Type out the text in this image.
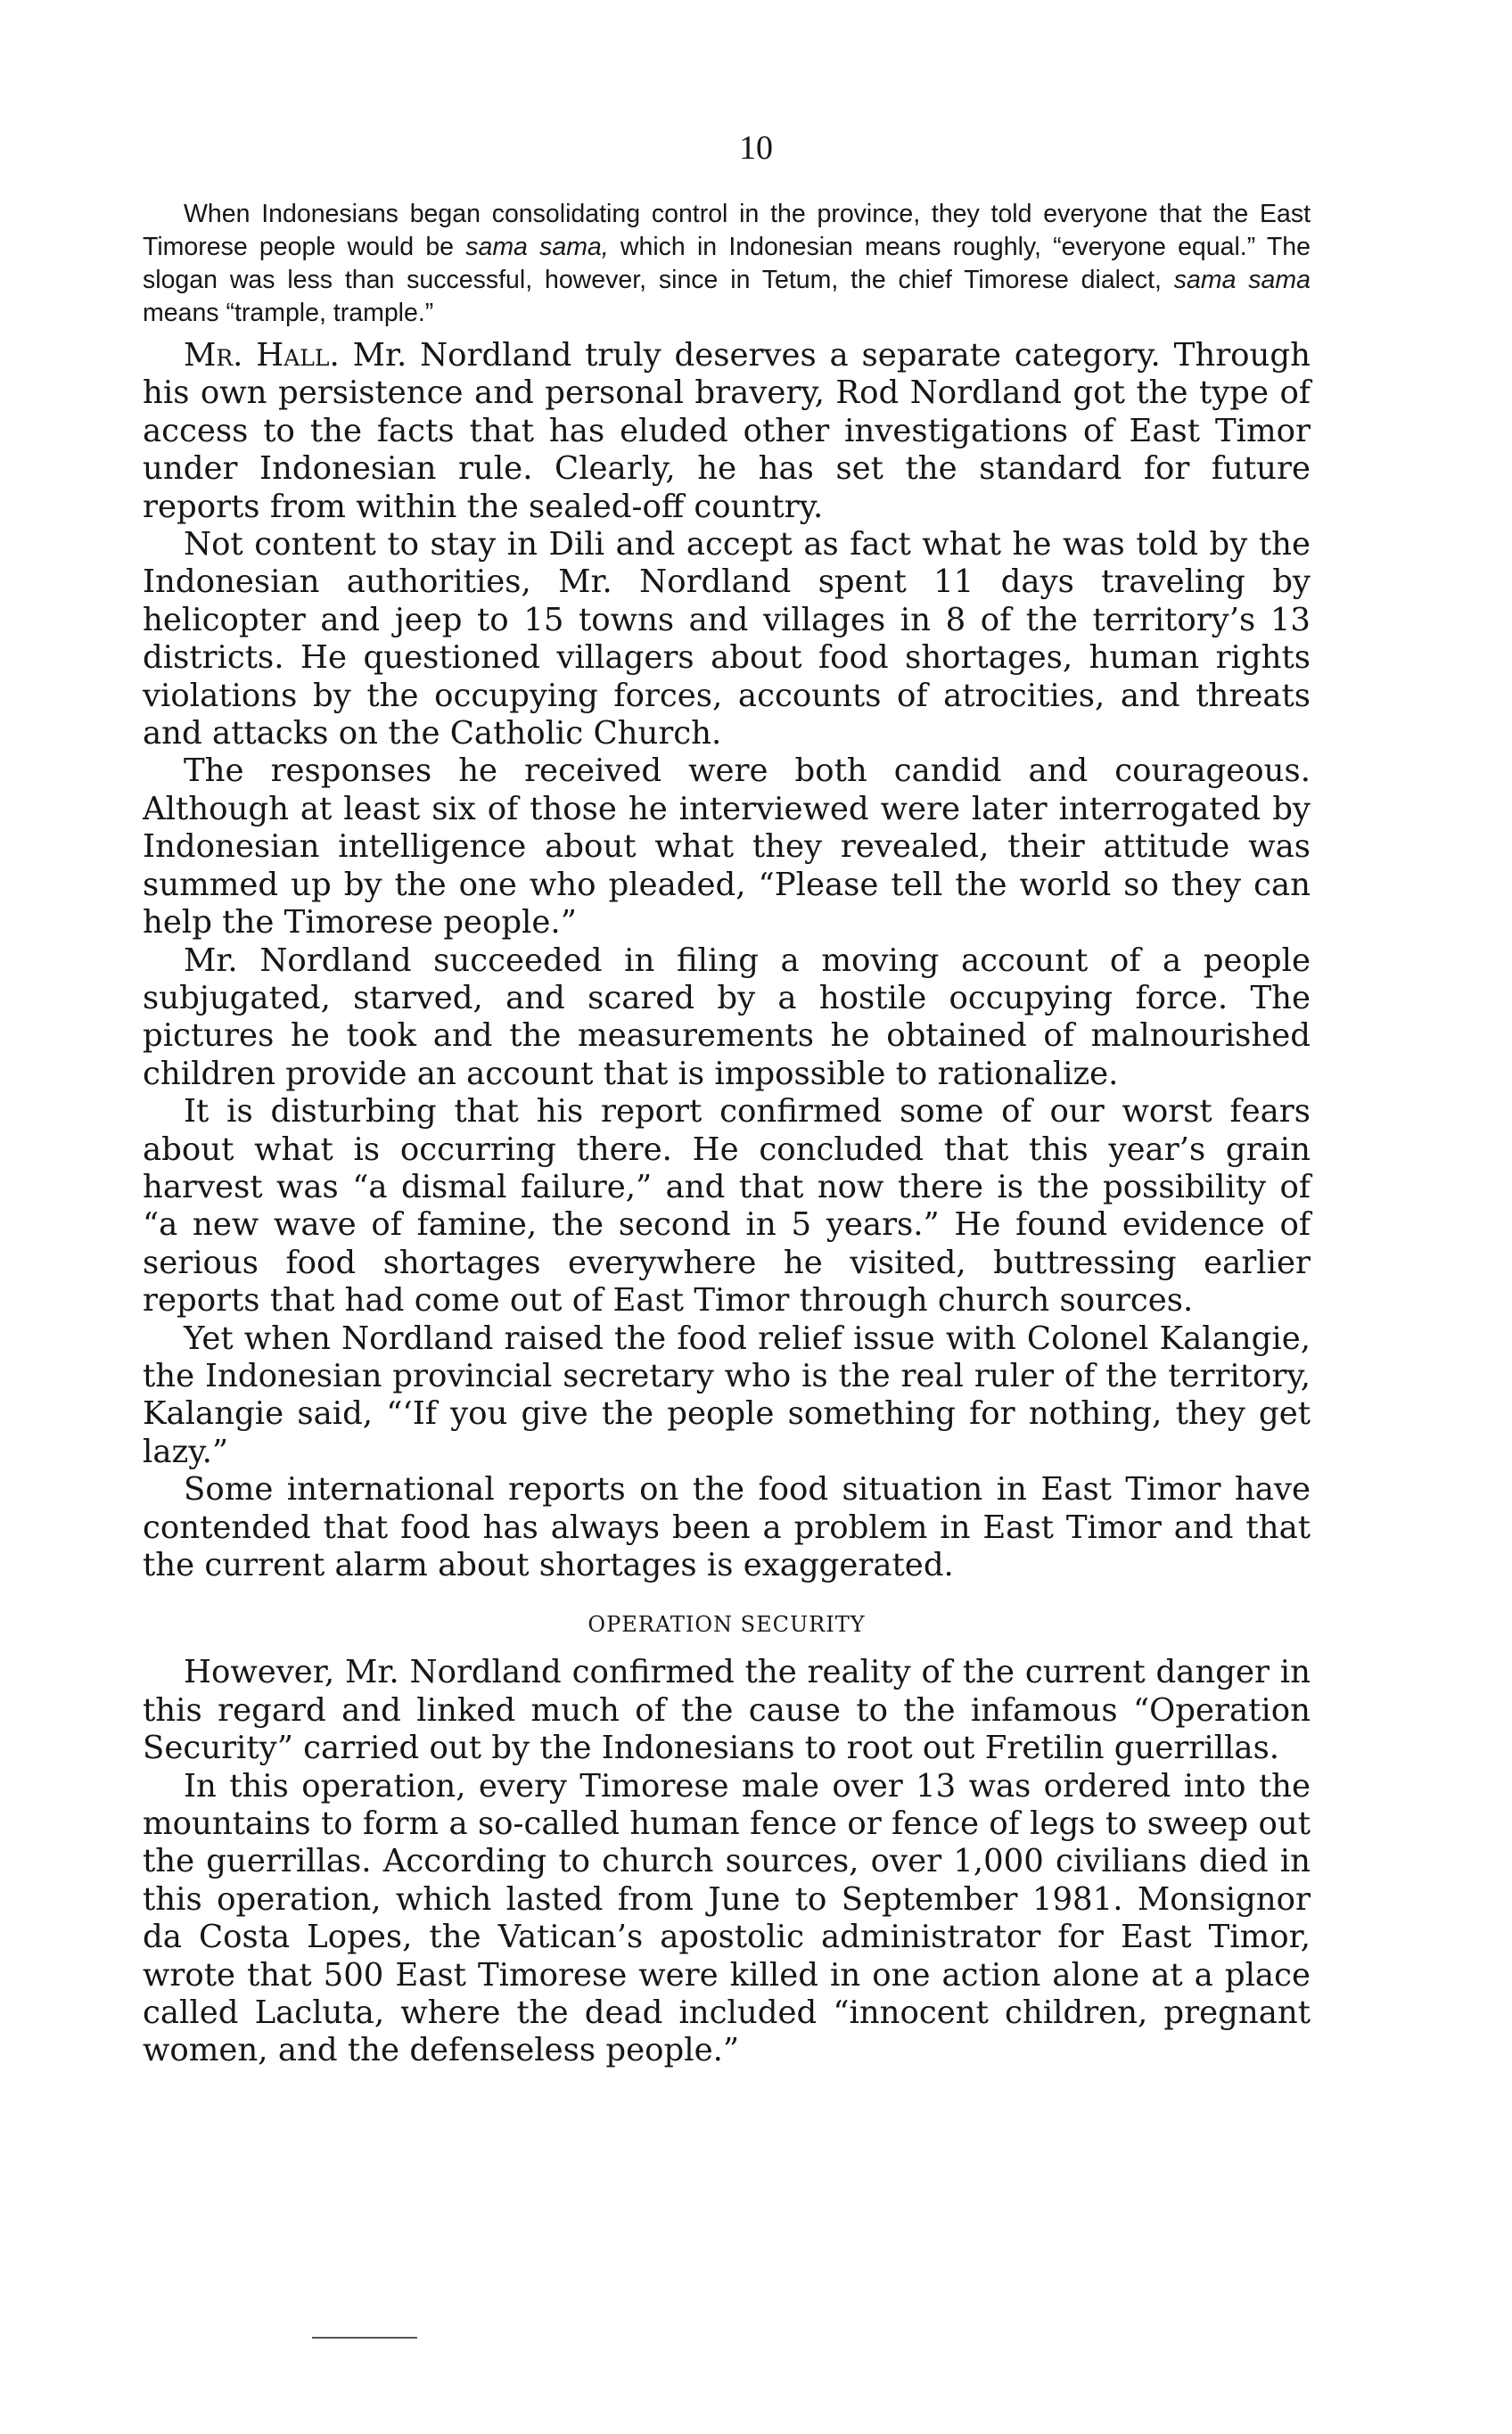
10

When Indonesians began consolidating control in the province, they told everyone that the East Timorese people would be sama sama, which in Indonesian means roughly, “everyone equal.” The slogan was less than successful, however, since in Tetum, the chief Timorese dialect, sama sama means “trample, trample.”

Mr. Hall. Mr. Nordland truly deserves a separate category. Through his own persistence and personal bravery, Rod Nordland got the type of access to the facts that has eluded other investigations of East Timor under Indonesian rule. Clearly, he has set the standard for future reports from within the sealed-off country.

Not content to stay in Dili and accept as fact what he was told by the Indonesian authorities, Mr. Nordland spent 11 days traveling by helicopter and jeep to 15 towns and villages in 8 of the territory’s 13 districts. He questioned villagers about food shortages, human rights violations by the occupying forces, accounts of atrocities, and threats and attacks on the Catholic Church.

The responses he received were both candid and courageous. Although at least six of those he interviewed were later interrogated by Indonesian intelligence about what they revealed, their attitude was summed up by the one who pleaded, “Please tell the world so they can help the Timorese people.”

Mr. Nordland succeeded in filing a moving account of a people subjugated, starved, and scared by a hostile occupying force. The pictures he took and the measurements he obtained of malnourished children provide an account that is impossible to rationalize.

It is disturbing that his report confirmed some of our worst fears about what is occurring there. He concluded that this year’s grain harvest was “a dismal failure,” and that now there is the possibility of “a new wave of famine, the second in 5 years.” He found evidence of serious food shortages everywhere he visited, buttressing earlier reports that had come out of East Timor through church sources.

Yet when Nordland raised the food relief issue with Colonel Kalangie, the Indonesian provincial secretary who is the real ruler of the territory, Kalangie said, “‘If you give the people something for nothing, they get lazy.”

Some international reports on the food situation in East Timor have contended that food has always been a problem in East Timor and that the current alarm about shortages is exaggerated.

OPERATION SECURITY

However, Mr. Nordland confirmed the reality of the current danger in this regard and linked much of the cause to the infamous “Operation Security” carried out by the Indonesians to root out Fretilin guerrillas.

In this operation, every Timorese male over 13 was ordered into the mountains to form a so-called human fence or fence of legs to sweep out the guerrillas. According to church sources, over 1,000 civilians died in this operation, which lasted from June to September 1981. Monsignor da Costa Lopes, the Vatican’s apostolic administrator for East Timor, wrote that 500 East Timorese were killed in one action alone at a place called Lacluta, where the dead included “innocent children, pregnant women, and the defenseless people.”
